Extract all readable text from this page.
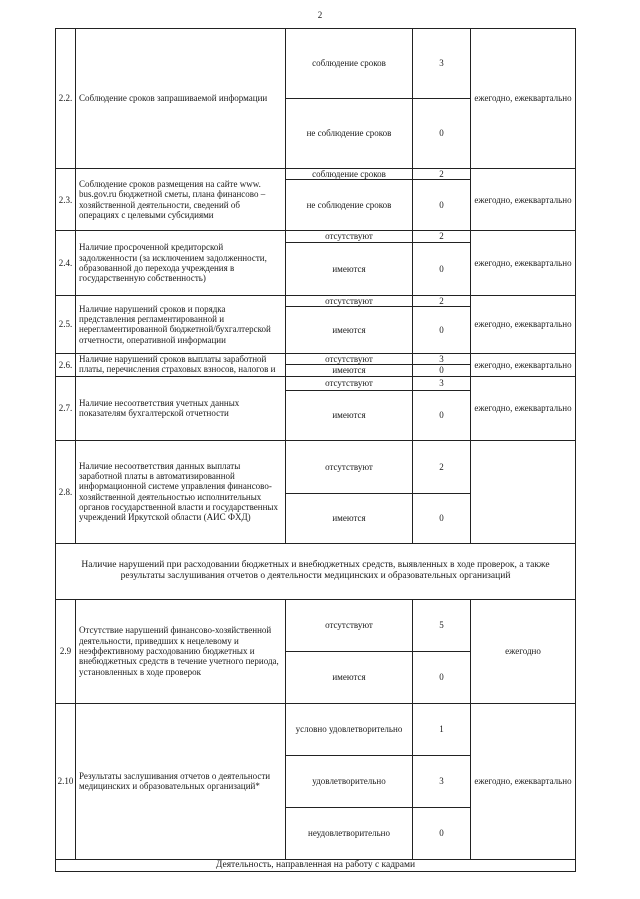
2
2.2.	Соблюдение сроков запрашиваемой информации	соблюдение сроков	3	ежегодно, ежеквартально
		не соблюдение сроков	0	
2.3.	Соблюдение сроков размещения на сайте www. bus.gov.ru бюджетной сметы, плана финансово – хозяйственной деятельности, сведений об операциях с целевыми субсидиями	соблюдение сроков	2	ежегодно, ежеквартально
		не соблюдение сроков	0	
2.4.	Наличие просроченной кредиторской задолженности (за исключением задолженности, образованной до перехода учреждения в государственную собственность)	отсутствуют	2	ежегодно, ежеквартально
		имеются	0	
2.5.	Наличие нарушений сроков и порядка представления регламентированной и нерегламентированной бюджетной/бухгалтерской отчетности, оперативной информации	отсутствуют	2	ежегодно, ежеквартально
		имеются	0	
2.6.	Наличие нарушений сроков выплаты заработной платы, перечисления страховых взносов, налогов и	отсутствуют	3	ежегодно, ежеквартально
		имеются	0	
2.7.	Наличие несоответствия учетных данных показателям бухгалтерской отчетности	отсутствуют	3	ежегодно, ежеквартально
		имеются	0	
2.8.	Наличие несоответствия данных выплаты заработной платы в автоматизированной информационной системе управления финансово-хозяйственной деятельностью исполнительных органов государственной власти и государственных учреждений Иркутской области (АИС ФХД)	отсутствуют	2	
		имеются	0	
Наличие нарушений при расходовании бюджетных и внебюджетных средств, выявленных в ходе проверок, а также результаты заслушивания отчетов о деятельности медицинских и образовательных организаций				
2.9	Отсутствие нарушений финансово-хозяйственной деятельности, приведших к нецелевому и неэффективному расходованию бюджетных и внебюджетных средств в течение учетного периода, установленных в ходе проверок	отсутствуют	5	ежегодно
		имеются	0	
2.10	Результаты заслушивания отчетов о деятельности медицинских и образовательных организаций*	условно удовлетворительно	1	ежегодно, ежеквартально
		удовлетворительно	3	
		неудовлетворительно	0	
Деятельность, направленная на работу с кадрами				
